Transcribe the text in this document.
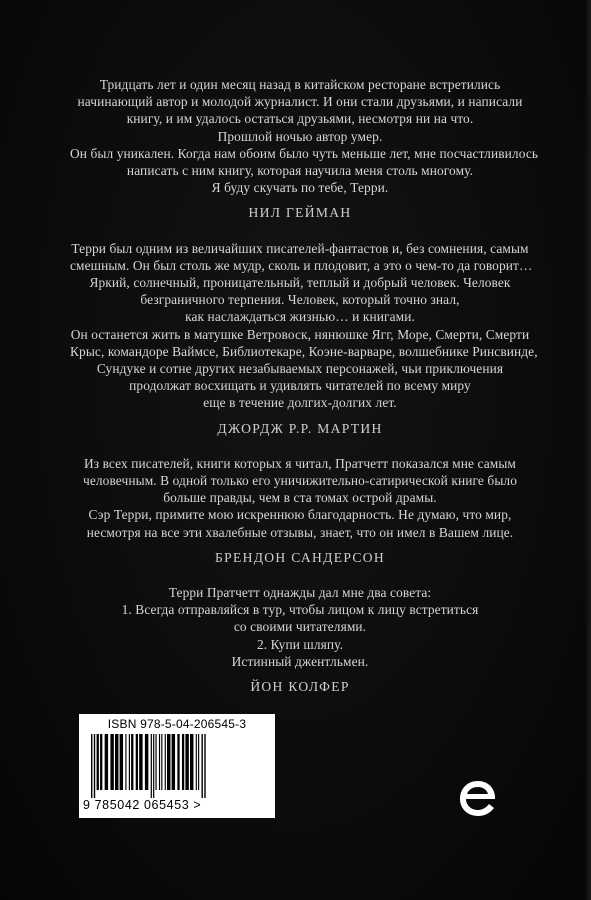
Тридцать лет и один месяц назад в китайском ресторане встретились
начинающий автор и молодой журналист. И они стали друзьями, и написали
книгу, и им удалось остаться друзьями, несмотря ни на что.
Прошлой ночью автор умер.
Он был уникален. Когда нам обоим было чуть меньше лет, мне посчастливилось
написать с ним книгу, которая научила меня столь многому.
Я буду скучать по тебе, Терри.
НИЛ ГЕЙМАН
Терри был одним из величайших писателей-фантастов и, без сомнения, самым
смешным. Он был столь же мудр, сколь и плодовит, а это о чем-то да говорит…
Яркий, солнечный, проницательный, теплый и добрый человек. Человек
безграничного терпения. Человек, который точно знал,
как наслаждаться жизнью… и книгами.
Он останется жить в матушке Ветровоск, нянюшке Ягг, Море, Смерти, Смерти
Крыс, командоре Ваймсе, Библиотекаре, Коэне-варваре, волшебнике Ринсвинде,
Сундуке и сотне других незабываемых персонажей, чьи приключения
продолжат восхищать и удивлять читателей по всему миру
еще в течение долгих-долгих лет.
ДЖОРДЖ Р.Р. МАРТИН
Из всех писателей, книги которых я читал, Пратчетт показался мне самым
человечным. В одной только его уничижительно-сатирической книге было
больше правды, чем в ста томах острой драмы.
Сэр Терри, примите мою искреннюю благодарность. Не думаю, что мир,
несмотря на все эти хвалебные отзывы, знает, что он имел в Вашем лице.
БРЕНДОН САНДЕРСОН
Терри Пратчетт однажды дал мне два совета:
1. Всегда отправляйся в тур, чтобы лицом к лицу встретиться
со своими читателями.
2. Купи шляпу.
Истинный джентльмен.
ЙОН КОЛФЕР
ISBN 978-5-04-206545-3
9 785042 065453 >
